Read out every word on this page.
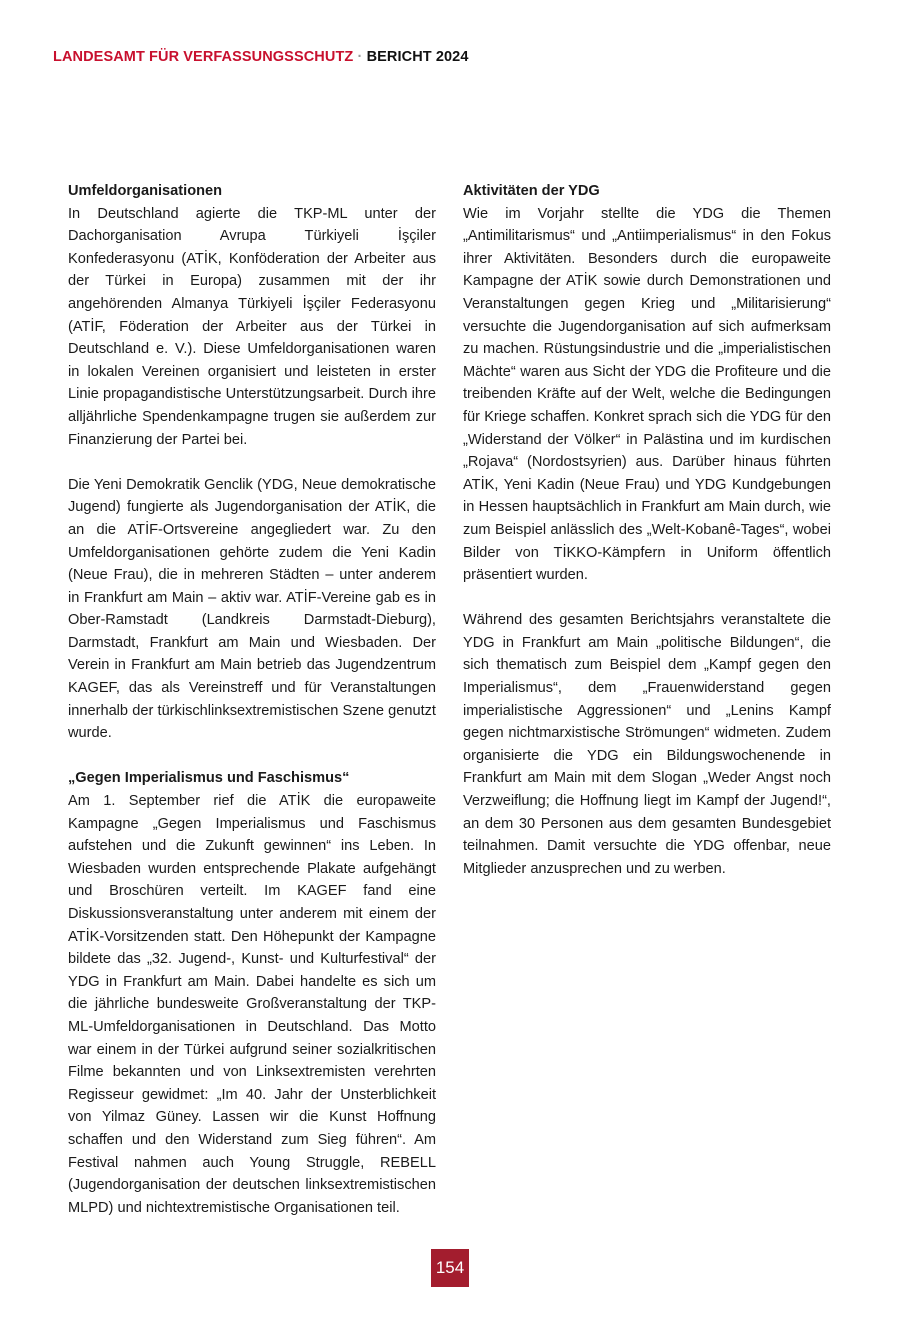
LANDESAMT FÜR VERFASSUNGSSCHUTZ · BERICHT 2024
Umfeldorganisationen

In Deutschland agierte die TKP-ML unter der Dachorganisation Avrupa Türkiyeli İşçiler Konfederasyonu (ATİK, Konföderation der Arbeiter aus der Türkei in Europa) zusammen mit der ihr angehörenden Almanya Türkiyeli İşçiler Federasyonu (ATİF, Föderation der Arbeiter aus der Türkei in Deutschland e. V.). Diese Umfeldorganisationen waren in lokalen Vereinen organisiert und leisteten in erster Linie propagandistische Unterstützungsarbeit. Durch ihre alljährliche Spendenkampagne trugen sie außerdem zur Finanzierung der Partei bei.

Die Yeni Demokratik Genclik (YDG, Neue demokratische Jugend) fungierte als Jugendorganisation der ATİK, die an die ATİF-Ortsvereine angegliedert war. Zu den Umfeldorganisationen gehörte zudem die Yeni Kadin (Neue Frau), die in mehreren Städten – unter anderem in Frankfurt am Main – aktiv war. ATİF-Vereine gab es in Ober-Ramstadt (Landkreis Darmstadt-Dieburg), Darmstadt, Frankfurt am Main und Wiesbaden. Der Verein in Frankfurt am Main betrieb das Jugendzentrum KAGEF, das als Vereinstreff und für Veranstaltungen innerhalb der türkischlinksextremistischen Szene genutzt wurde.

„Gegen Imperialismus und Faschismus“

Am 1. September rief die ATİK die europaweite Kampagne „Gegen Imperialismus und Faschismus aufstehen und die Zukunft gewinnen“ ins Leben. In Wiesbaden wurden entsprechende Plakate aufgehängt und Broschüren verteilt. Im KAGEF fand eine Diskussionsveranstaltung unter anderem mit einem der ATİK-Vorsitzenden statt. Den Höhepunkt der Kampagne bildete das „32. Jugend-, Kunst- und Kulturfestival“ der YDG in Frankfurt am Main. Dabei handelte es sich um die jährliche bundesweite Großveranstaltung der TKP-ML-Umfeldorganisationen in Deutschland. Das Motto war einem in der Türkei aufgrund seiner sozialkritischen Filme bekannten und von Linksextremisten verehrten Regisseur gewidmet: „Im 40. Jahr der Unsterblichkeit von Yilmaz Güney. Lassen wir die Kunst Hoffnung schaffen und den Widerstand zum Sieg führen“. Am Festival nahmen auch Young Struggle, REBELL (Jugendorganisation der deutschen linksextremistischen MLPD) und nichtextremistische Organisationen teil.

Aktivitäten der YDG

Wie im Vorjahr stellte die YDG die Themen „Antimilitarismus“ und „Antiimperialismus“ in den Fokus ihrer Aktivitäten. Besonders durch die europaweite Kampagne der ATİK sowie durch Demonstrationen und Veranstaltungen gegen Krieg und „Militarisierung“ versuchte die Jugendorganisation auf sich aufmerksam zu machen. Rüstungsindustrie und die „imperialistischen Mächte“ waren aus Sicht der YDG die Profiteure und die treibenden Kräfte auf der Welt, welche die Bedingungen für Kriege schaffen. Konkret sprach sich die YDG für den „Widerstand der Völker“ in Palästina und im kurdischen „Rojava“ (Nordostsyrien) aus. Darüber hinaus führten ATİK, Yeni Kadin (Neue Frau) und YDG Kundgebungen in Hessen hauptsächlich in Frankfurt am Main durch, wie zum Beispiel anlässlich des „Welt-Kobanê-Tages“, wobei Bilder von TİKKO-Kämpfern in Uniform öffentlich präsentiert wurden.

Während des gesamten Berichtsjahrs veranstaltete die YDG in Frankfurt am Main „politische Bildungen“, die sich thematisch zum Beispiel dem „Kampf gegen den Imperialismus“, dem „Frauenwiderstand gegen imperialistische Aggressionen“ und „Lenins Kampf gegen nichtmarxistische Strömungen“ widmeten. Zudem organisierte die YDG ein Bildungswochenende in Frankfurt am Main mit dem Slogan „Weder Angst noch Verzweiflung; die Hoffnung liegt im Kampf der Jugend!“, an dem 30 Personen aus dem gesamten Bundesgebiet teilnahmen. Damit versuchte die YDG offenbar, neue Mitglieder anzusprechen und zu werben.

154
